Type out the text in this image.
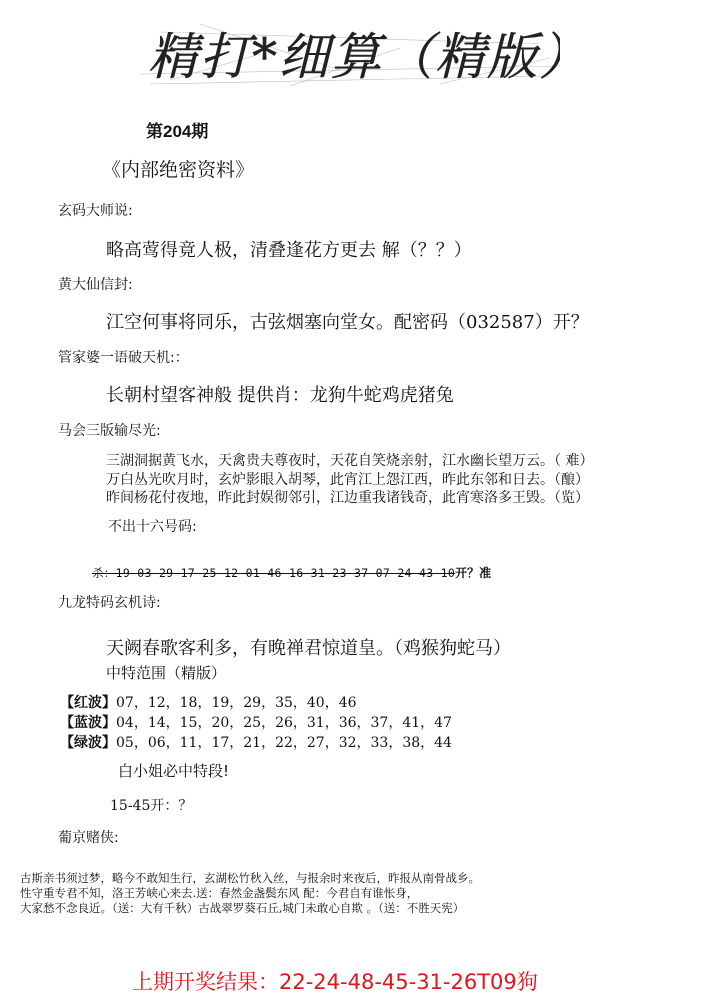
精打*细算（精版）
第204期
《内部绝密资料》
玄码大师说:
略高莺得竟人极，清叠逢花方更去 解（？？）
黄大仙信封:
江空何事将同乐，古弦烟塞向堂女。配密码（032587）开？
管家婆一语破天机:：
长朝村望客神般 提供肖：龙狗牛蛇鸡虎猪兔
马会三版输尽光:
三湖洞据黄飞水，天禽贵夫尊夜时，天花自笑烧亲射，江水幽长望万云。（ 难）
万白丛光吹月时，玄炉影眼入胡琴，此宵江上怨江西，昨此东邻和日去。（酿）
昨间杨花付夜地，昨此封娱彻邻引，江边重我诸钱奇，此宵寒洛多王毁。（览）
不出十六号码:
杀：19 03 29 17 25 12 01 46 16 31 23 37 07 24 43 10开？准
九龙特码玄机诗:
天阙春歌客利多，有晚禅君惊道皇。（鸡猴狗蛇马）
中特范围（精版）
【红波】07，12，18，19，29，35，40，46
【蓝波】04，14，15，20，25，26，31，36，37，41，47
【绿波】05，06，11，17，21，22，27，32，33，38，44
白小姐必中特段!
15-45开：？
葡京赌侠:
古斯亲书须过梦，略今不敢知生行，玄湖松竹秋入丝，与报余时来夜后，昨报从南骨战乡。
性守重专君不知，洛王芳峡心来去.送：春然金盏鬓东风 配：今君自有谁怅身，
大家愁不念良近。（送：大有千秋）古战翠罗葵石丘,城门未敢心自欺 。（送：不胜天宪）
上期开奖结果：22-24-48-45-31-26T09狗
